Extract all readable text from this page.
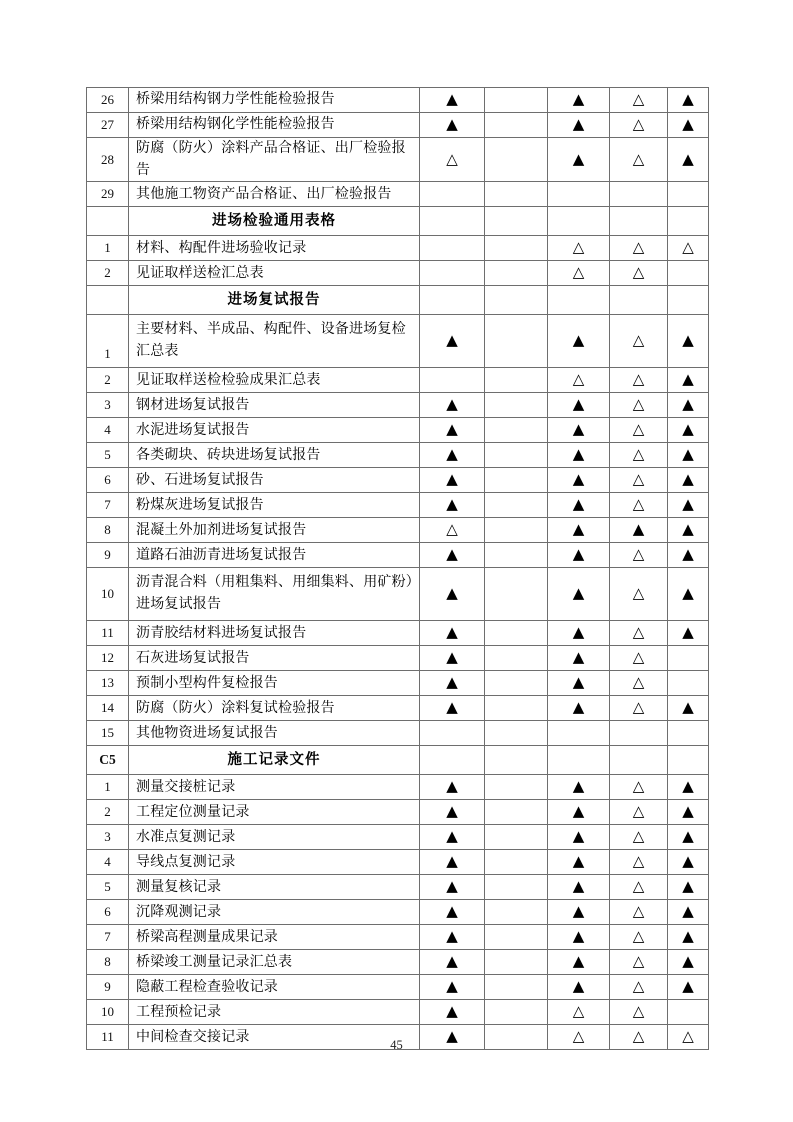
26	桥梁用结构钢力学性能检验报告	▲		▲	△	▲
27	桥梁用结构钢化学性能检验报告	▲		▲	△	▲
28	防腐（防火）涂料产品合格证、出厂检验报告	△		▲	△	▲
29	其他施工物资产品合格证、出厂检验报告					
	进场检验通用表格					
1	材料、构配件进场验收记录			△	△	△
2	见证取样送检汇总表			△	△	
	进场复试报告					
1	主要材料、半成品、构配件、设备进场复检
汇总表	▲		▲	△	▲
2	见证取样送检检验成果汇总表			△	△	▲
3	钢材进场复试报告	▲		▲	△	▲
4	水泥进场复试报告	▲		▲	△	▲
5	各类砌块、砖块进场复试报告	▲		▲	△	▲
6	砂、石进场复试报告	▲		▲	△	▲
7	粉煤灰进场复试报告	▲		▲	△	▲
8	混凝土外加剂进场复试报告	△		▲	▲	▲
9	道路石油沥青进场复试报告	▲		▲	△	▲
10	沥青混合料（用粗集料、用细集料、用矿粉）
进场复试报告	▲		▲	△	▲
11	沥青胶结材料进场复试报告	▲		▲	△	▲
12	石灰进场复试报告	▲		▲	△	
13	预制小型构件复检报告	▲		▲	△	
14	防腐（防火）涂料复试检验报告	▲		▲	△	▲
15	其他物资进场复试报告					
C5	施工记录文件					
1	测量交接桩记录	▲		▲	△	▲
2	工程定位测量记录	▲		▲	△	▲
3	水准点复测记录	▲		▲	△	▲
4	导线点复测记录	▲		▲	△	▲
5	测量复核记录	▲		▲	△	▲
6	沉降观测记录	▲		▲	△	▲
7	桥梁高程测量成果记录	▲		▲	△	▲
8	桥梁竣工测量记录汇总表	▲		▲	△	▲
9	隐蔽工程检查验收记录	▲		▲	△	▲
10	工程预检记录	▲		△	△	
11	中间检查交接记录	▲		△	△	△
45
